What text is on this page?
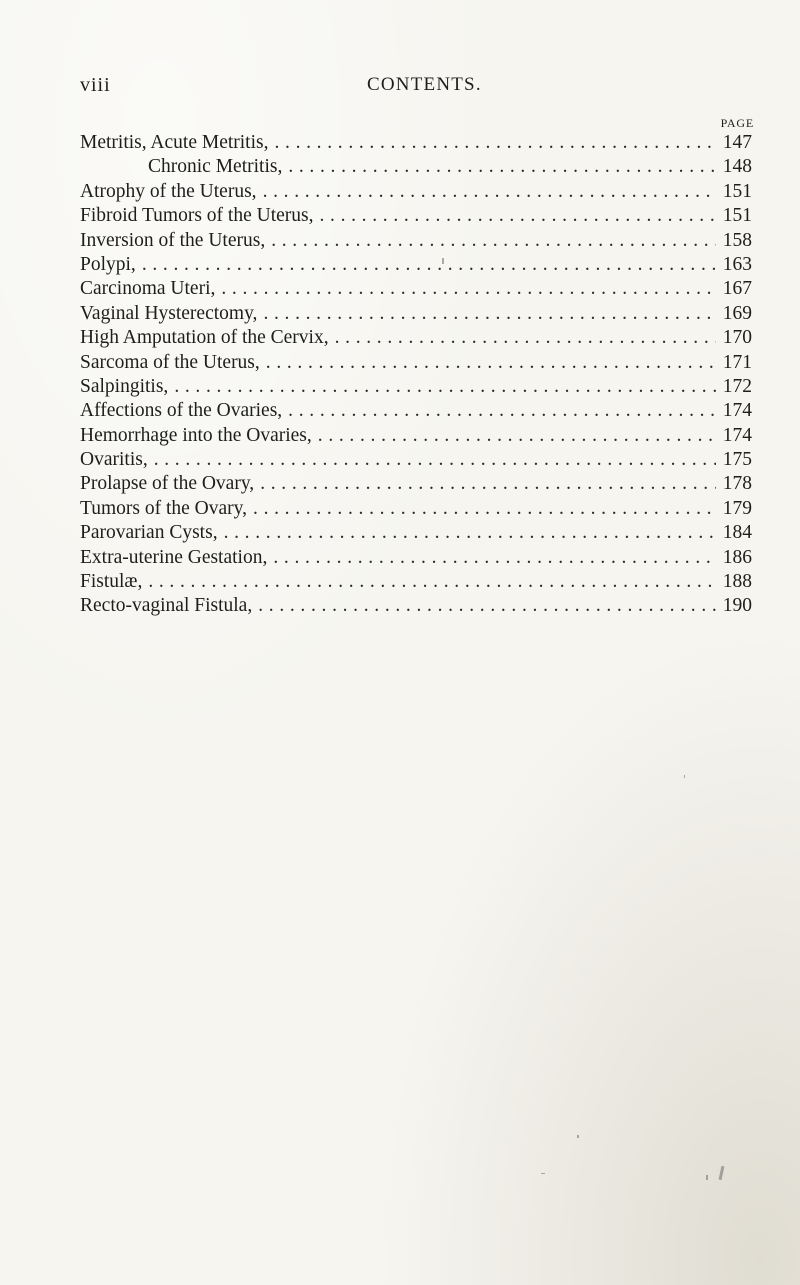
viii	CONTENTS.
PAGE
Metritis, Acute Metritis, . . .	147
Chronic Metritis, . . .	148
Atrophy of the Uterus, . . .	151
Fibroid Tumors of the Uterus, . . .	151
Inversion of the Uterus, . . .	158
Polypi, . . .	163
Carcinoma Uteri, . . .	167
Vaginal Hysterectomy, . . .	169
High Amputation of the Cervix, . . .	170
Sarcoma of the Uterus, . . .	171
Salpingitis, . . .	172
Affections of the Ovaries, . . .	174
Hemorrhage into the Ovaries, . . .	174
Ovaritis, . . .	175
Prolapse of the Ovary, . . .	178
Tumors of the Ovary, . . .	179
Parovarian Cysts, . . .	184
Extra-uterine Gestation, . . .	186
Fistulæ, . . .	188
Recto-vaginal Fistula, . . .	190
